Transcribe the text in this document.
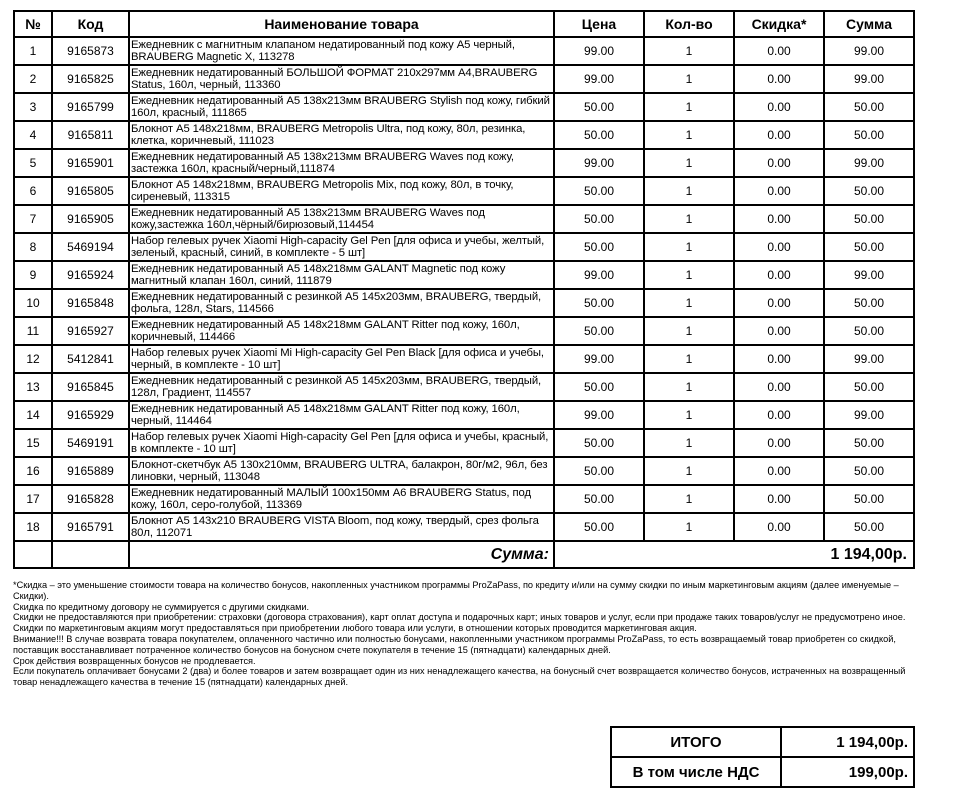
№	Код	Наименование товара	Цена	Кол-во	Скидка*	Сумма
1	9165873	Ежедневник с магнитным клапаном недатированный под кожу А5 черный, BRAUBERG Magnetic X, 113278	99.00	1	0.00	99.00
2	9165825	Ежедневник недатированный БОЛЬШОЙ ФОРМАТ 210х297мм А4,BRAUBERG Status, 160л, черный, 113360	99.00	1	0.00	99.00
3	9165799	Ежедневник недатированный А5 138x213мм BRAUBERG Stylish под кожу, гибкий 160л, красный, 111865	50.00	1	0.00	50.00
4	9165811	Блокнот А5 148х218мм, BRAUBERG Metropolis Ultra, под кожу, 80л, резинка, клетка, коричневый, 111023	50.00	1	0.00	50.00
5	9165901	Ежедневник недатированный А5 138х213мм BRAUBERG Waves под кожу, застежка 160л, красный/черный,111874	99.00	1	0.00	99.00
6	9165805	Блокнот А5 148х218мм, BRAUBERG Metropolis Mix, под кожу, 80л, в точку, сиреневый, 113315	50.00	1	0.00	50.00
7	9165905	Ежедневник недатированный А5 138х213мм BRAUBERG Waves под кожу,застежка 160л,чёрный/бирюзовый,114454	50.00	1	0.00	50.00
8	5469194	Набор гелевых ручек Xiaomi High-capacity Gel Pen [для офиса и учебы, желтый, зеленый, красный, синий, в комплекте - 5 шт]	50.00	1	0.00	50.00
9	9165924	Ежедневник недатированный А5 148x218мм GALANT Magnetic под кожу магнитный клапан 160л, синий, 111879	99.00	1	0.00	99.00
10	9165848	Ежедневник недатированный с резинкой А5 145х203мм, BRAUBERG, твердый, фольга, 128л, Stars, 114566	50.00	1	0.00	50.00
11	9165927	Ежедневник недатированный А5 148х218мм GALANT Ritter под кожу, 160л, коричневый, 114466	50.00	1	0.00	50.00
12	5412841	Набор гелевых ручек Xiaomi Mi High-capacity Gel Pen Black [для офиса и учебы, черный, в комплекте - 10 шт]	99.00	1	0.00	99.00
13	9165845	Ежедневник недатированный с резинкой А5 145х203мм, BRAUBERG, твердый, 128л, Градиент, 114557	50.00	1	0.00	50.00
14	9165929	Ежедневник недатированный А5 148х218мм GALANT Ritter под кожу, 160л, черный, 114464	99.00	1	0.00	99.00
15	5469191	Набор гелевых ручек Xiaomi High-capacity Gel Pen [для офиса и учебы, красный, в комплекте - 10 шт]	50.00	1	0.00	50.00
16	9165889	Блокнот-скетчбук А5 130х210мм, BRAUBERG ULTRA, балакрон, 80г/м2, 96л, без линовки, черный, 113048	50.00	1	0.00	50.00
17	9165828	Ежедневник недатированный МАЛЫЙ 100х150мм А6 BRAUBERG Status, под кожу, 160л, серо-голубой, 113369	50.00	1	0.00	50.00
18	9165791	Блокнот А5 143х210 BRAUBERG VISTA Bloom, под кожу, твердый, срез фольга 80л, 112071	50.00	1	0.00	50.00
		Сумма:	1 194,00р.			

*Скидка – это уменьшение стоимости товара на количество бонусов, накопленных участником программы ProZaPass, по кредиту и/или на сумму скидки по иным маркетинговым акциям (далее именуемые – Скидки).

Скидка по кредитному договору не суммируется с другими скидками.

Скидки не предоставляются при приобретении: страховки (договора страхования), карт оплат доступа и подарочных карт; иных товаров и услуг, если при продаже таких товаров/услуг не предусмотрено иное. Скидки по маркетинговым акциям могут предоставляться при приобретении любого товара или услуги, в отношении которых проводится маркетинговая акция.

Внимание!!! В случае возврата товара покупателем, оплаченного частично или полностью бонусами, накопленными участником программы ProZaPass, то есть возвращаемый товар приобретен со скидкой, поставщик восстанавливает потраченное количество бонусов на бонусном счете покупателя в течение 15 (пятнадцати) календарных дней.

Срок действия возвращенных бонусов не продлевается.

Если покупатель оплачивает бонусами 2 (два) и более товаров и затем возвращает один из них ненадлежащего качества, на бонусный счет возвращается количество бонусов, истраченных на возвращенный товар ненадлежащего качества в течение 15 (пятнадцати) календарных дней.

ИТОГО	1 194,00р.
В том числе НДС	199,00р.
